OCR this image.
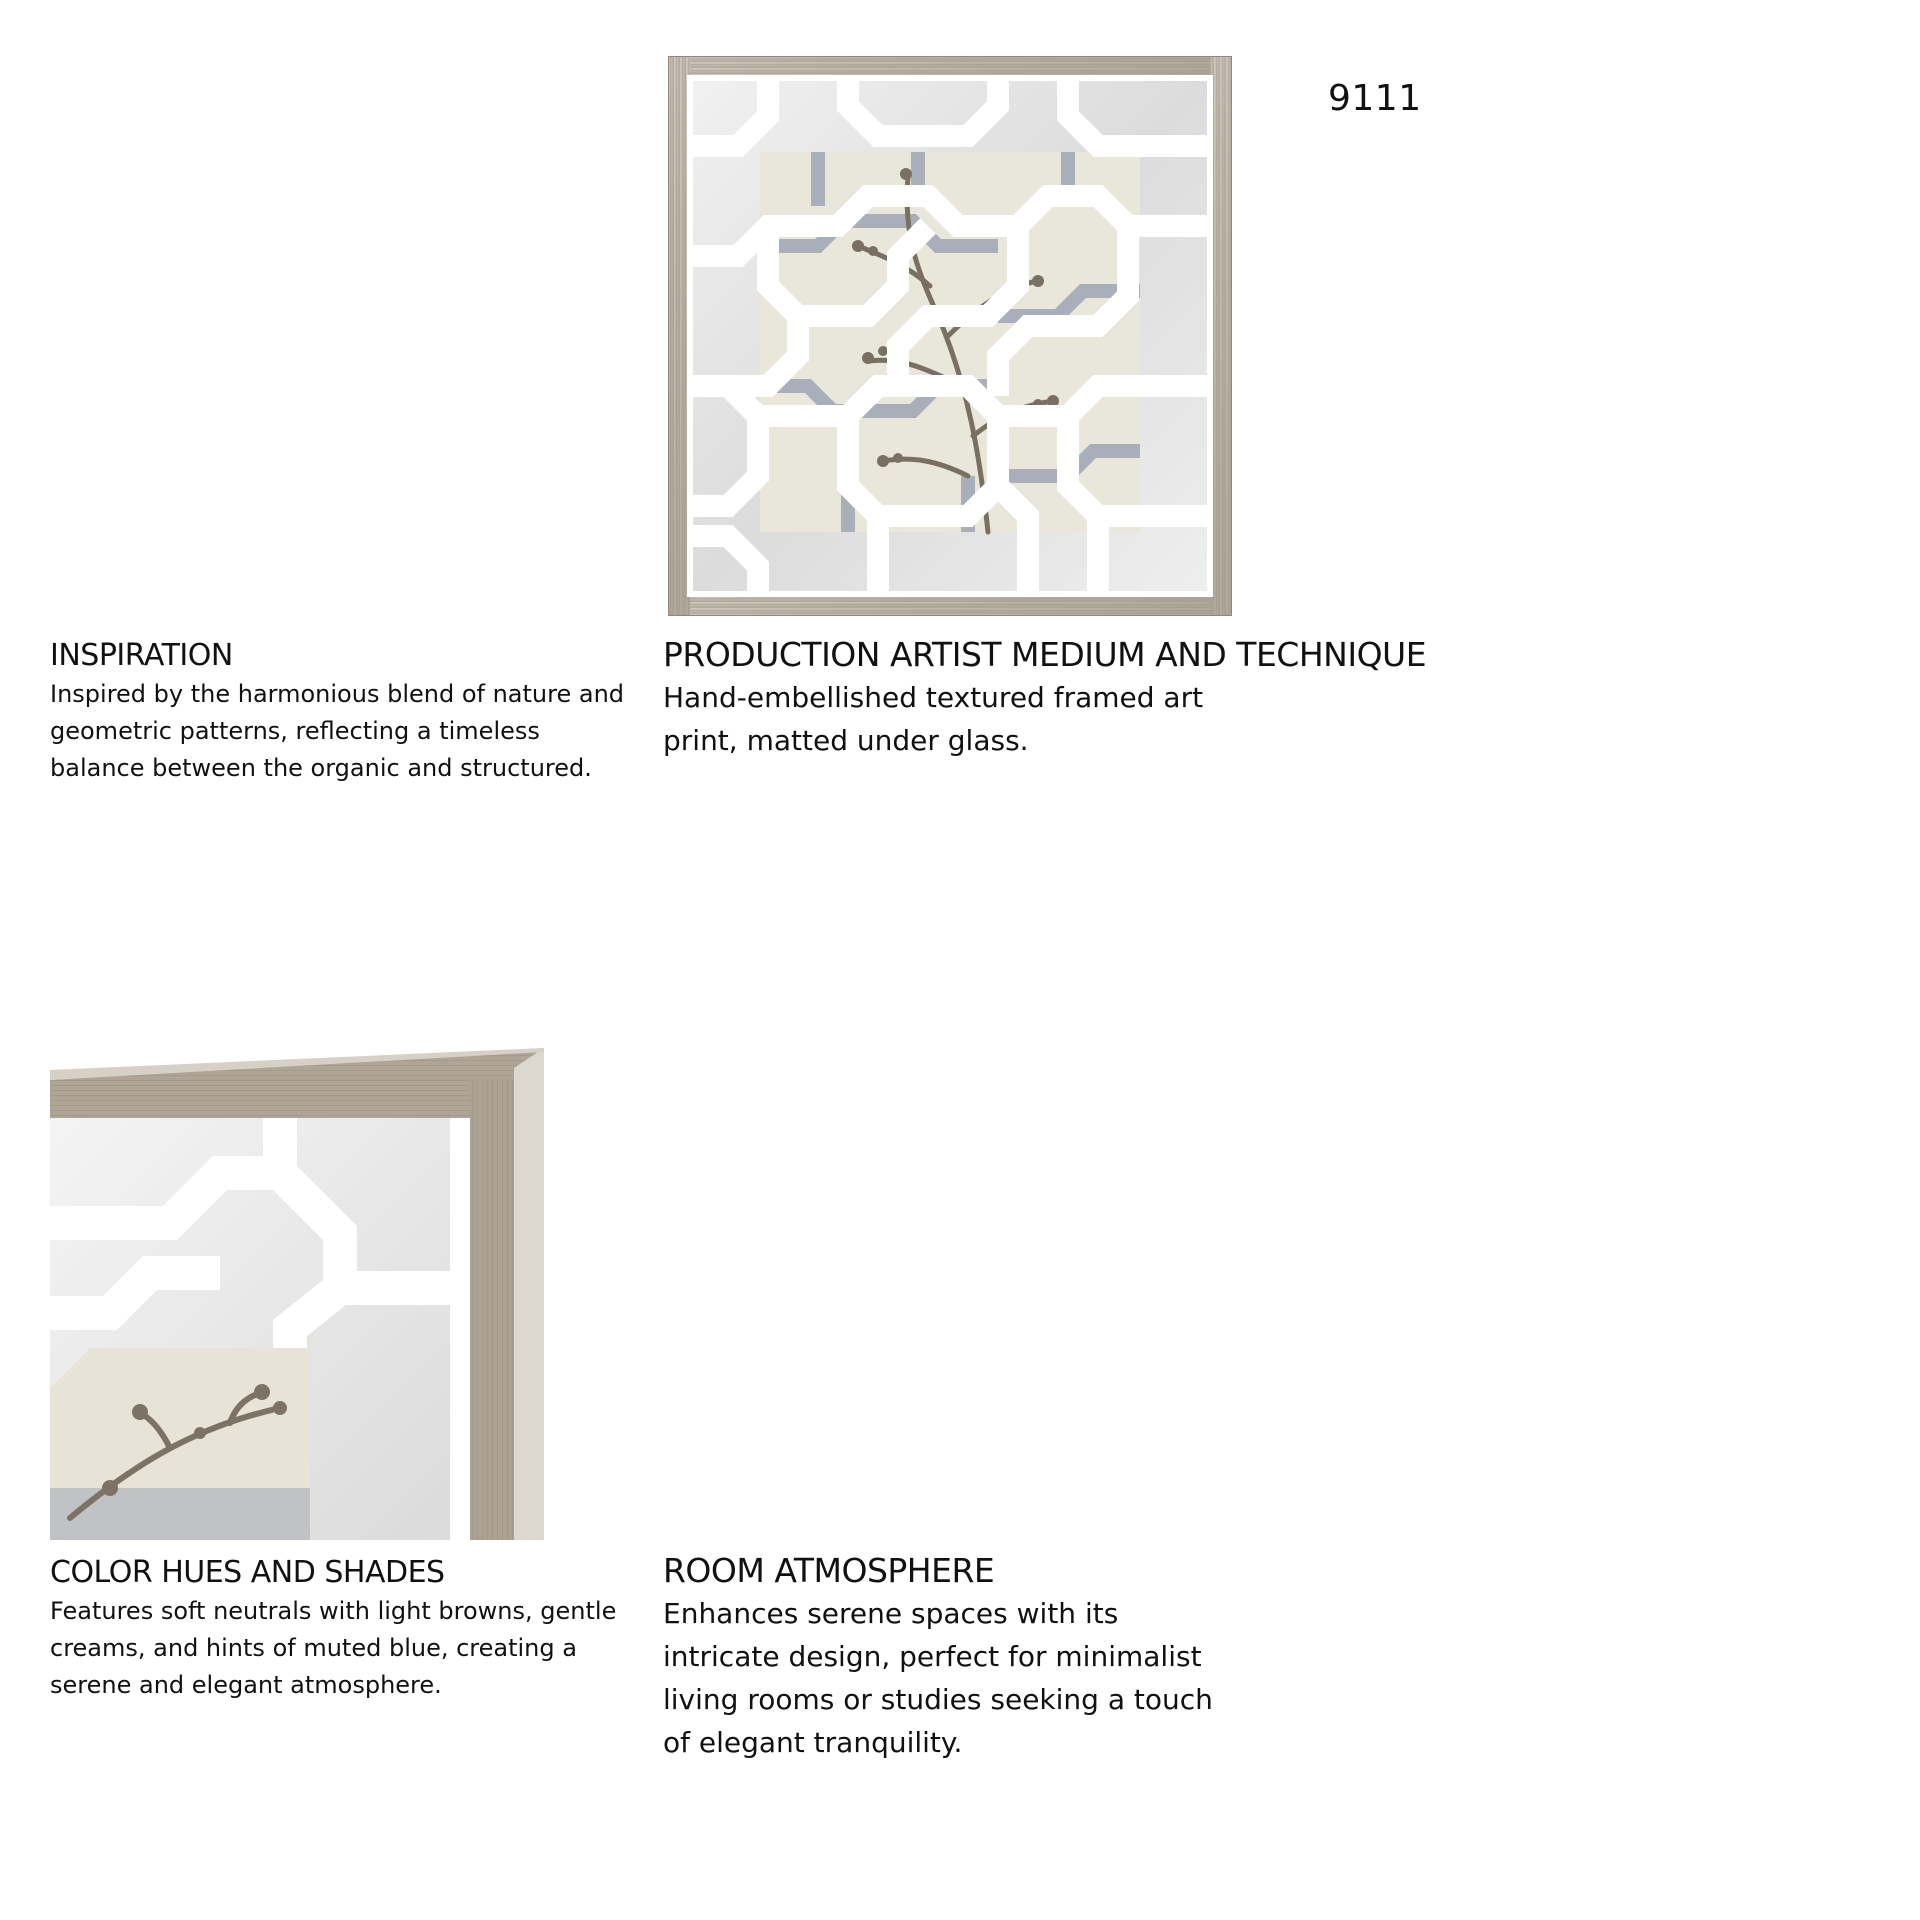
9111
INSPIRATION

Inspired by the harmonious blend of nature and geometric patterns, reflecting a timeless balance between the organic and structured.

PRODUCTION ARTIST MEDIUM AND TECHNIQUE

Hand-embellished textured framed art print, matted under glass.

COLOR HUES AND SHADES

Features soft neutrals with light browns, gentle creams, and hints of muted blue, creating a serene and elegant atmosphere.

ROOM ATMOSPHERE

Enhances serene spaces with its intricate design, perfect for minimalist living rooms or studies seeking a touch of elegant tranquility.
